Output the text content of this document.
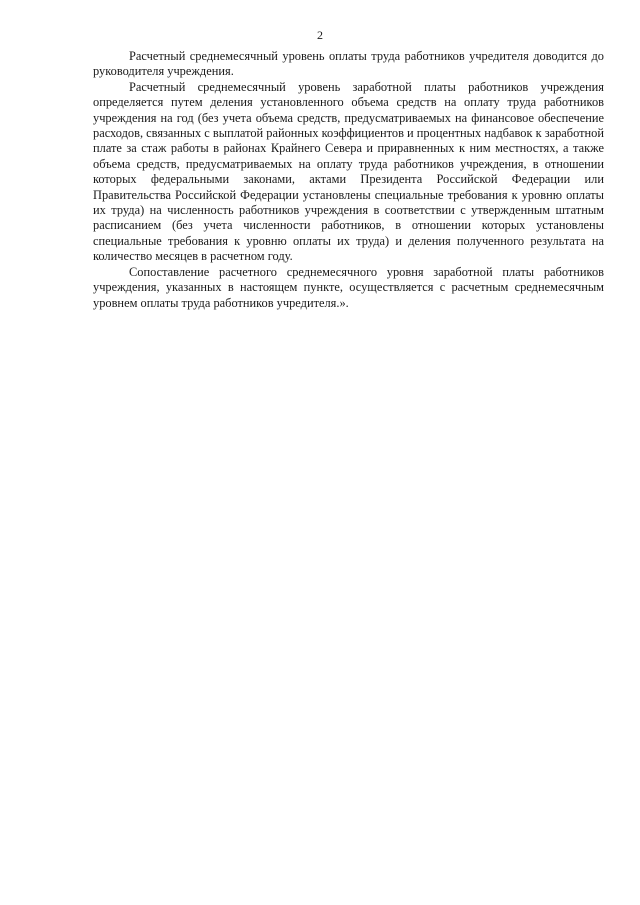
2

Расчетный среднемесячный уровень оплаты труда работников учредителя доводится до руководителя учреждения.

Расчетный среднемесячный уровень заработной платы работников учреждения определяется путем деления установленного объема средств на оплату труда работников учреждения на год (без учета объема средств, предусматриваемых на финансовое обеспечение расходов, связанных с выплатой районных коэффициентов и процентных надбавок к заработной плате за стаж работы в районах Крайнего Севера и приравненных к ним местностях, а также объема средств, предусматриваемых на оплату труда работников учреждения, в отношении которых федеральными законами, актами Президента Российской Федерации или Правительства Российской Федерации установлены специальные требования к уровню оплаты их труда) на численность работников учреждения в соответствии с утвержденным штатным расписанием (без учета численности работников, в отношении которых установлены специальные требования к уровню оплаты их труда) и деления полученного результата на количество месяцев в расчетном году.

Сопоставление расчетного среднемесячного уровня заработной платы работников учреждения, указанных в настоящем пункте, осуществляется с расчетным среднемесячным уровнем оплаты труда работников учредителя.».
